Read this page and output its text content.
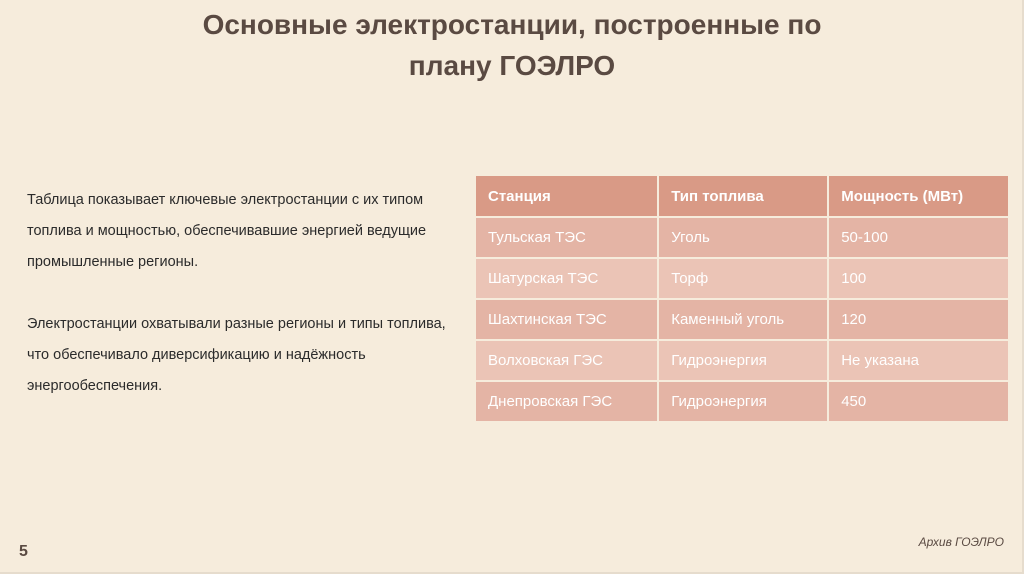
Основные электростанции, построенные по
плану ГОЭЛРО

Таблица показывает ключевые электростанции с их типом топлива и мощностью, обеспечивавшие энергией ведущие промышленные регионы.

Электростанции охватывали разные регионы и типы топлива, что обеспечивало диверсификацию и надёжность энергообеспечения.

Станция	Тип топлива	Мощность (МВт)
Тульская ТЭС	Уголь	50-100
Шатурская ТЭС	Торф	100
Шахтинская ТЭС	Каменный уголь	120
Волховская ГЭС	Гидроэнергия	Не указана
Днепровская ГЭС	Гидроэнергия	450
5
Архив ГОЭЛРО
